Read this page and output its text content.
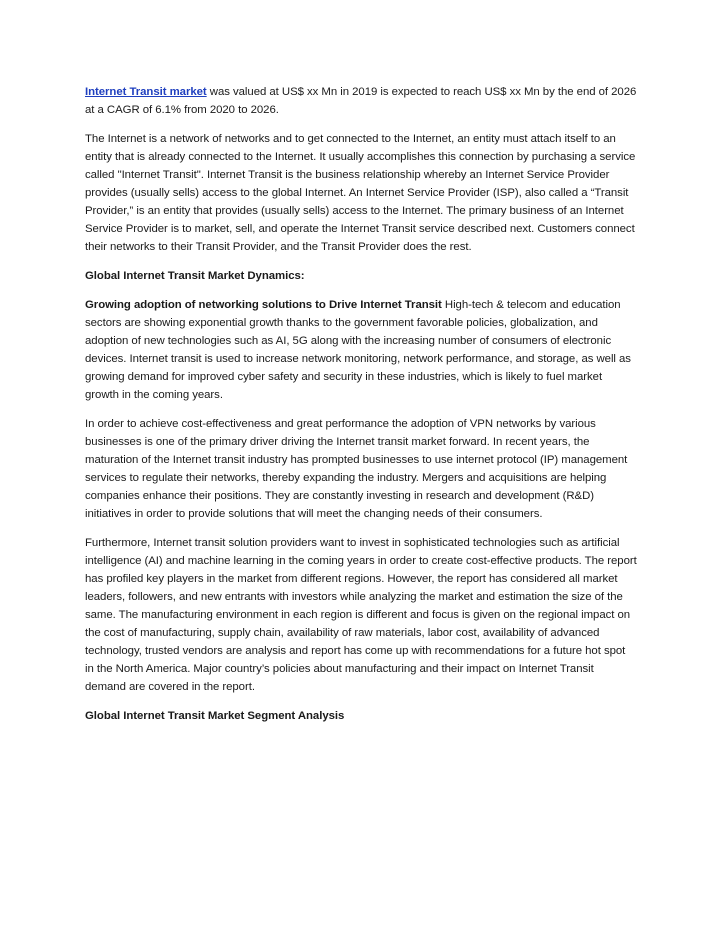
Internet Transit market was valued at US$ xx Mn in 2019 is expected to reach US$ xx Mn by the end of 2026 at a CAGR of 6.1% from 2020 to 2026.

The Internet is a network of networks and to get connected to the Internet, an entity must attach itself to an entity that is already connected to the Internet. It usually accomplishes this connection by purchasing a service called "Internet Transit". Internet Transit is the business relationship whereby an Internet Service Provider provides (usually sells) access to the global Internet. An Internet Service Provider (ISP), also called a “Transit Provider,” is an entity that provides (usually sells) access to the Internet. The primary business of an Internet Service Provider is to market, sell, and operate the Internet Transit service described next. Customers connect their networks to their Transit Provider, and the Transit Provider does the rest.

Global Internet Transit Market Dynamics:

Growing adoption of networking solutions to Drive Internet Transit High-tech & telecom and education sectors are showing exponential growth thanks to the government favorable policies, globalization, and adoption of new technologies such as AI, 5G along with the increasing number of consumers of electronic devices. Internet transit is used to increase network monitoring, network performance, and storage, as well as growing demand for improved cyber safety and security in these industries, which is likely to fuel market growth in the coming years.

In order to achieve cost-effectiveness and great performance the adoption of VPN networks by various businesses is one of the primary driver driving the Internet transit market forward. In recent years, the maturation of the Internet transit industry has prompted businesses to use internet protocol (IP) management services to regulate their networks, thereby expanding the industry. Mergers and acquisitions are helping companies enhance their positions. They are constantly investing in research and development (R&D) initiatives in order to provide solutions that will meet the changing needs of their consumers.

Furthermore, Internet transit solution providers want to invest in sophisticated technologies such as artificial intelligence (AI) and machine learning in the coming years in order to create cost-effective products. The report has profiled key players in the market from different regions. However, the report has considered all market leaders, followers, and new entrants with investors while analyzing the market and estimation the size of the same. The manufacturing environment in each region is different and focus is given on the regional impact on the cost of manufacturing, supply chain, availability of raw materials, labor cost, availability of advanced technology, trusted vendors are analysis and report has come up with recommendations for a future hot spot in the North America. Major country’s policies about manufacturing and their impact on Internet Transit demand are covered in the report.

Global Internet Transit Market Segment Analysis
